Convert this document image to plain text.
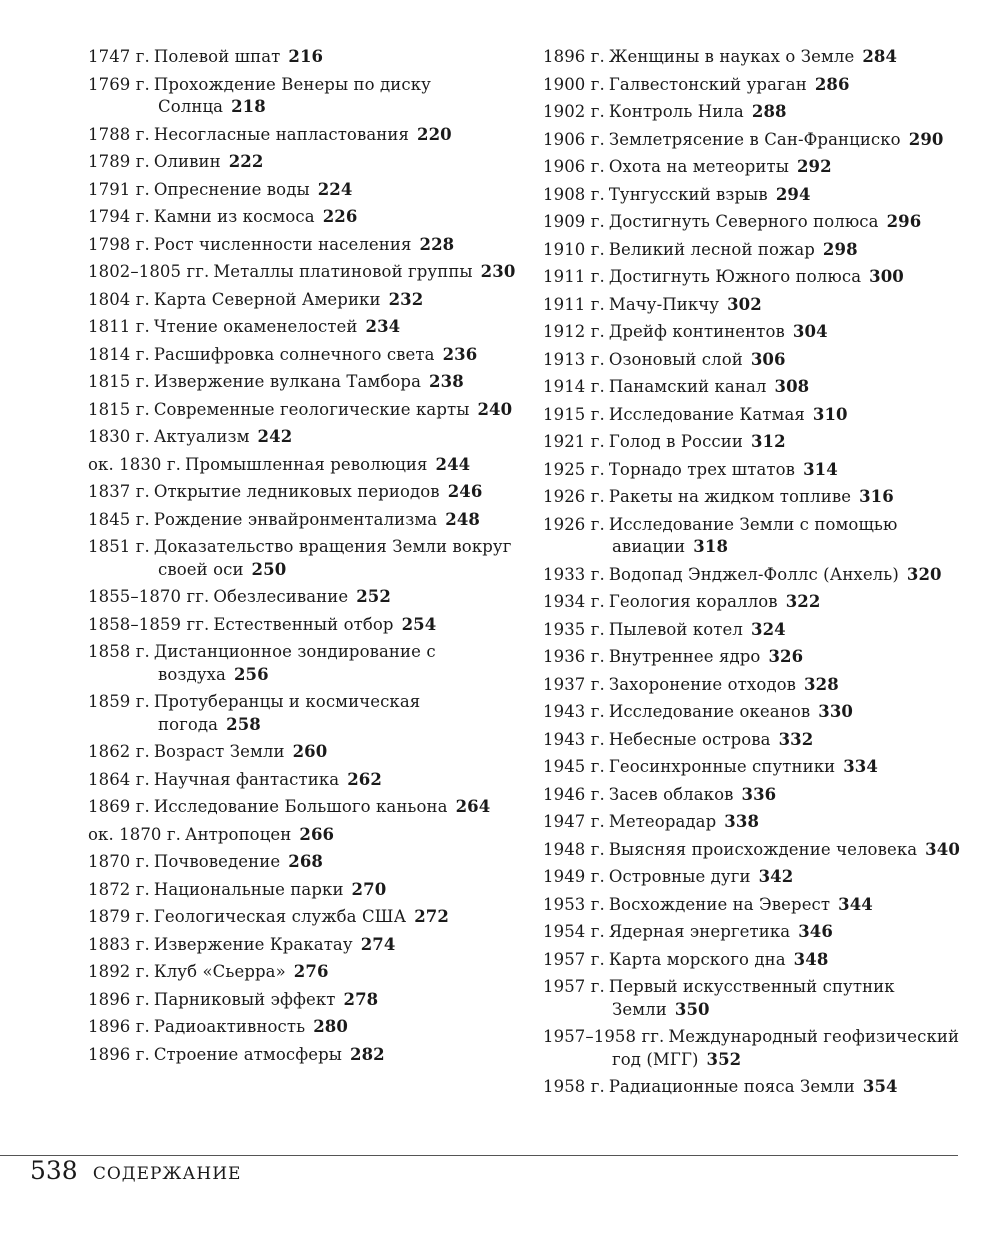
1747 г. Полевой шпат 216
1769 г. Прохождение Венеры по диску Солнца 218
1788 г. Несогласные напластования 220
1789 г. Оливин 222
1791 г. Опреснение воды 224
1794 г. Камни из космоса 226
1798 г. Рост численности населения 228
1802–1805 гг. Металлы платиновой группы 230
1804 г. Карта Северной Америки 232
1811 г. Чтение окаменелостей 234
1814 г. Расшифровка солнечного света 236
1815 г. Извержение вулкана Тамбора 238
1815 г. Современные геологические карты 240
1830 г. Актуализм 242
ок. 1830 г. Промышленная революция 244
1837 г. Открытие ледниковых периодов 246
1845 г. Рождение энвайронментализма 248
1851 г. Доказательство вращения Земли вокруг своей оси 250
1855–1870 гг. Обезлесивание 252
1858–1859 гг. Естественный отбор 254
1858 г. Дистанционное зондирование с воздуха 256
1859 г. Протуберанцы и космическая погода 258
1862 г. Возраст Земли 260
1864 г. Научная фантастика 262
1869 г. Исследование Большого каньона 264
ок. 1870 г. Антропоцен 266
1870 г. Почвоведение 268
1872 г. Национальные парки 270
1879 г. Геологическая служба США 272
1883 г. Извержение Кракатау 274
1892 г. Клуб «Сьерра» 276
1896 г. Парниковый эффект 278
1896 г. Радиоактивность 280
1896 г. Строение атмосферы 282
1896 г. Женщины в науках о Земле 284
1900 г. Галвестонский ураган 286
1902 г. Контроль Нила 288
1906 г. Землетрясение в Сан-Франциско 290
1906 г. Охота на метеориты 292
1908 г. Тунгусский взрыв 294
1909 г. Достигнуть Северного полюса 296
1910 г. Великий лесной пожар 298
1911 г. Достигнуть Южного полюса 300
1911 г. Мачу-Пикчу 302
1912 г. Дрейф континентов 304
1913 г. Озоновый слой 306
1914 г. Панамский канал 308
1915 г. Исследование Катмая 310
1921 г. Голод в России 312
1925 г. Торнадо трех штатов 314
1926 г. Ракеты на жидком топливе 316
1926 г. Исследование Земли с помощью авиации 318
1933 г. Водопад Энджел-Фоллс (Анхель) 320
1934 г. Геология кораллов 322
1935 г. Пылевой котел 324
1936 г. Внутреннее ядро 326
1937 г. Захоронение отходов 328
1943 г. Исследование океанов 330
1943 г. Небесные острова 332
1945 г. Геосинхронные спутники 334
1946 г. Засев облаков 336
1947 г. Метеорадар 338
1948 г. Выясняя происхождение человека 340
1949 г. Островные дуги 342
1953 г. Восхождение на Эверест 344
1954 г. Ядерная энергетика 346
1957 г. Карта морского дна 348
1957 г. Первый искусственный спутник Земли 350
1957–1958 гг. Международный геофизический год (МГГ) 352
1958 г. Радиационные пояса Земли 354
538 СОДЕРЖАНИЕ
